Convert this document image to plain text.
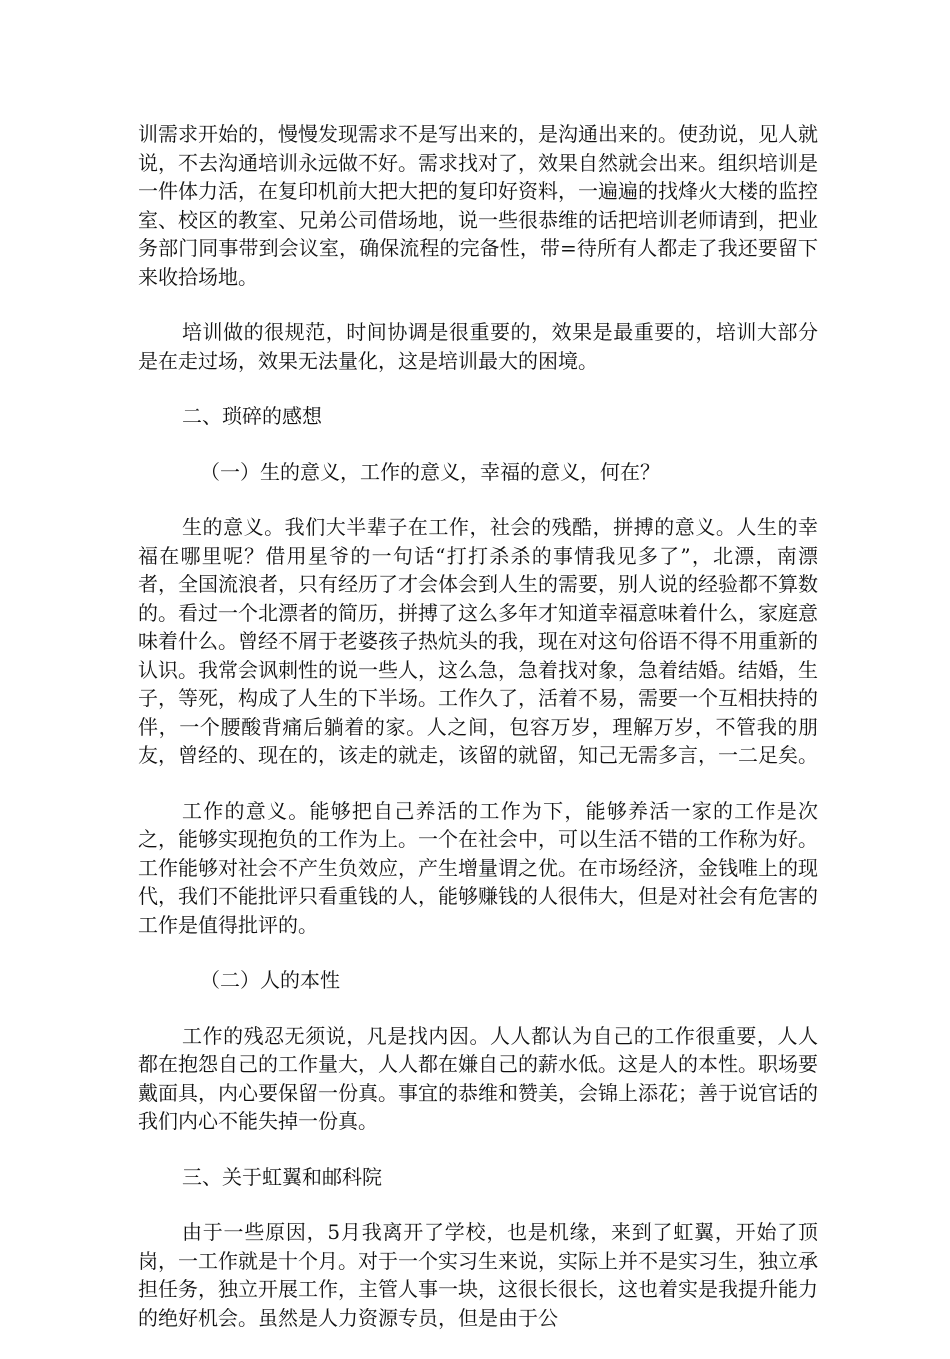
训需求开始的，慢慢发现需求不是写出来的，是沟通出来的。使劲说，见人就说，不去沟通培训永远做不好。需求找对了，效果自然就会出来。组织培训是一件体力活，在复印机前大把大把的复印好资料，一遍遍的找烽火大楼的监控室、校区的教室、兄弟公司借场地，说一些很恭维的话把培训老师请到，把业务部门同事带到会议室，确保流程的完备性，带=待所有人都走了我还要留下来收拾场地。

培训做的很规范，时间协调是很重要的，效果是最重要的，培训大部分是在走过场，效果无法量化，这是培训最大的困境。

二、琐碎的感想

（一）生的意义，工作的意义，幸福的意义，何在？

生的意义。我们大半辈子在工作，社会的残酷，拼搏的意义。人生的幸福在哪里呢？借用星爷的一句话“打打杀杀的事情我见多了”，北漂，南漂者，全国流浪者，只有经历了才会体会到人生的需要，别人说的经验都不算数的。看过一个北漂者的简历，拼搏了这么多年才知道幸福意味着什么，家庭意味着什么。曾经不屑于老婆孩子热炕头的我，现在对这句俗语不得不用重新的认识。我常会讽刺性的说一些人，这么急，急着找对象，急着结婚。结婚，生子，等死，构成了人生的下半场。工作久了，活着不易，需要一个互相扶持的伴，一个腰酸背痛后躺着的家。人之间，包容万岁，理解万岁，不管我的朋友，曾经的、现在的，该走的就走，该留的就留，知己无需多言，一二足矣。

工作的意义。能够把自己养活的工作为下，能够养活一家的工作是次之，能够实现抱负的工作为上。一个在社会中，可以生活不错的工作称为好。工作能够对社会不产生负效应，产生增量谓之优。在市场经济，金钱唯上的现代，我们不能批评只看重钱的人，能够赚钱的人很伟大，但是对社会有危害的工作是值得批评的。

（二）人的本性

工作的残忍无须说，凡是找内因。人人都认为自己的工作很重要，人人都在抱怨自己的工作量大，人人都在嫌自己的薪水低。这是人的本性。职场要戴面具，内心要保留一份真。事宜的恭维和赞美，会锦上添花；善于说官话的我们内心不能失掉一份真。

三、关于虹翼和邮科院

由于一些原因，5月我离开了学校，也是机缘，来到了虹翼，开始了顶岗，一工作就是十个月。对于一个实习生来说，实际上并不是实习生，独立承担任务，独立开展工作，主管人事一块，这很长很长，这也着实是我提升能力的绝好机会。虽然是人力资源专员，但是由于公
